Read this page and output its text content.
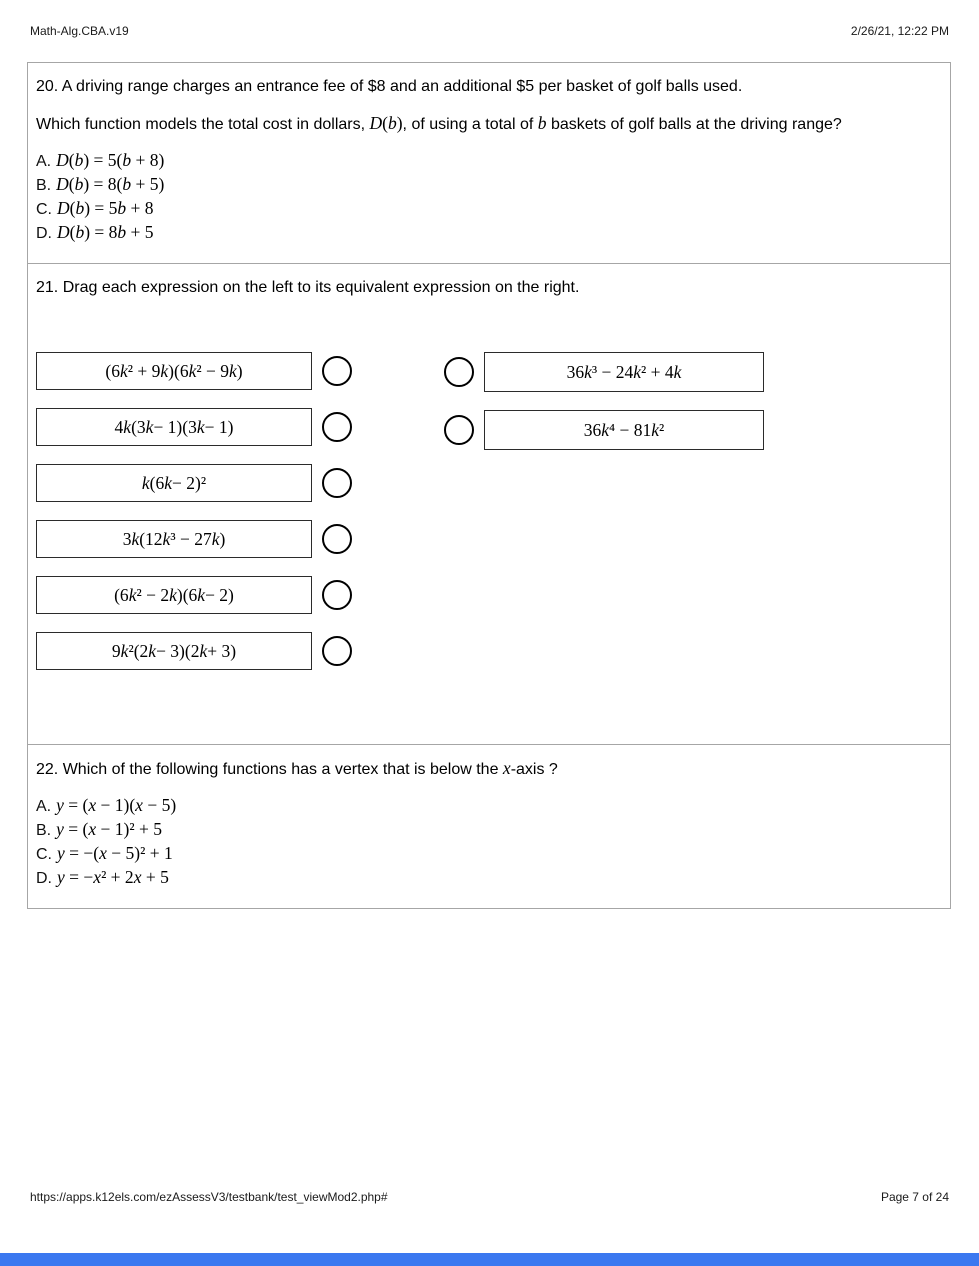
Math-Alg.CBA.v19	2/26/21, 12:22 PM

20. A driving range charges an entrance fee of $8 and an additional $5 per basket of golf balls used.

Which function models the total cost in dollars, D(b), of using a total of b baskets of golf balls at the driving range?

A. D(b) = 5(b + 8)
B. D(b) = 8(b + 5)
C. D(b) = 5b + 8
D. D(b) = 8b + 5

21. Drag each expression on the left to its equivalent expression on the right.

(6 k ² + 9 k )(6 k ² − 9 k )
4 k (3 k − 1)(3 k − 1)
k (6 k − 2)²
3 k (12 k ³ − 27 k )
(6 k ² − 2 k )(6 k − 2)
9 k ²(2 k − 3)(2 k + 3)
36 k ³ − 24 k ² + 4 k
36 k ⁴ − 81 k ²

22. Which of the following functions has a vertex that is below the x-axis ?

A. y = (x − 1)(x − 5)
B. y = (x − 1)² + 5
C. y = −(x − 5)² + 1
D. y = −x² + 2x + 5
https://apps.k12els.com/ezAssessV3/testbank/test_viewMod2.php#	Page 7 of 24
